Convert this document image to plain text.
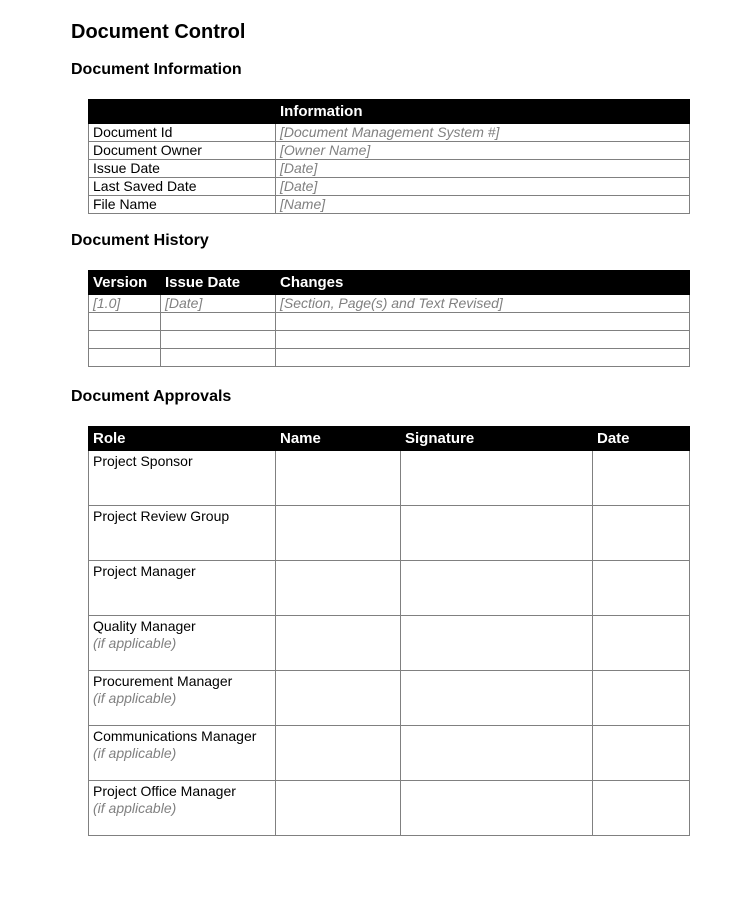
Document Control
Document Information
	Information
Document Id	[Document Management System #]
Document Owner	[Owner Name]
Issue Date	[Date]
Last Saved Date	[Date]
File Name	[Name]
Document History
Version	Issue Date	Changes
[1.0]	[Date]	[Section, Page(s) and Text Revised]

Document Approvals
Role	Name	Signature	Date
Project Sponsor

Project Review Group

Project Manager

Quality Manager
(if applicable)			

Procurement Manager
(if applicable)			

Communications Manager
(if applicable)			

Project Office Manager
(if applicable)			
